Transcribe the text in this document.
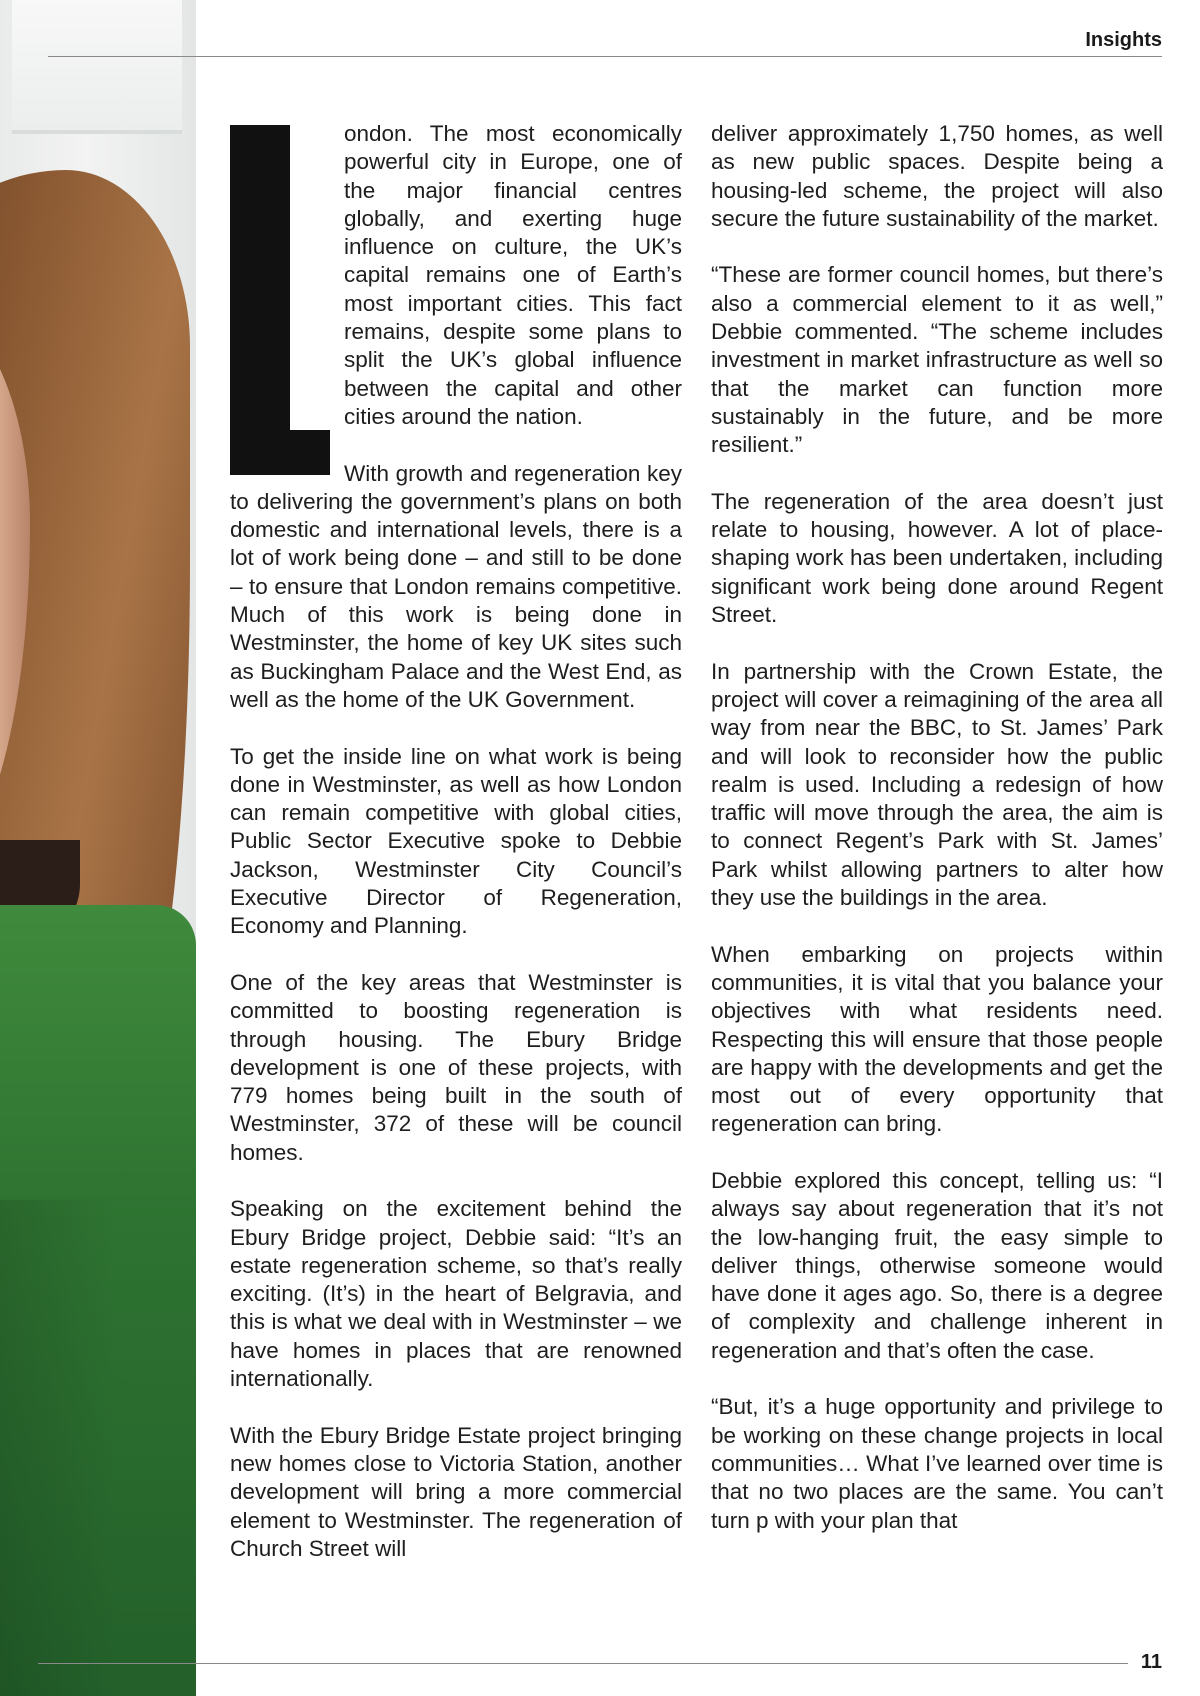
Insights

ondon. The most economically powerful city in Europe, one of the major financial centres globally, and exerting huge influence on culture, the UK’s capital remains one of Earth’s most important cities. This fact remains, despite some plans to split the UK’s global influence between the capital and other cities around the nation.

With growth and regeneration key to delivering the government’s plans on both domestic and international levels, there is a lot of work being done – and still to be done – to ensure that London remains competitive. Much of this work is being done in Westminster, the home of key UK sites such as Buckingham Palace and the West End, as well as the home of the UK Government.

To get the inside line on what work is being done in Westminster, as well as how London can remain competitive with global cities, Public Sector Executive spoke to Debbie Jackson, Westminster City Council’s Executive Director of Regeneration, Economy and Planning.

One of the key areas that Westminster is committed to boosting regeneration is through housing. The Ebury Bridge development is one of these projects, with 779 homes being built in the south of Westminster, 372 of these will be council homes.

Speaking on the excitement behind the Ebury Bridge project, Debbie said: “It’s an estate regeneration scheme, so that’s really exciting. (It’s) in the heart of Belgravia, and this is what we deal with in Westminster – we have homes in places that are renowned internationally.

With the Ebury Bridge Estate project bringing new homes close to Victoria Station, another development will bring a more commercial element to Westminster. The regeneration of Church Street will

deliver approximately 1,750 homes, as well as new public spaces. Despite being a housing-led scheme, the project will also secure the future sustainability of the market.

“These are former council homes, but there’s also a commercial element to it as well,” Debbie commented. “The scheme includes investment in market infrastructure as well so that the market can function more sustainably in the future, and be more resilient.”

The regeneration of the area doesn’t just relate to housing, however. A lot of place-shaping work has been undertaken, including significant work being done around Regent Street.

In partnership with the Crown Estate, the project will cover a reimagining of the area all way from near the BBC, to St. James’ Park and will look to reconsider how the public realm is used. Including a redesign of how traffic will move through the area, the aim is to connect Regent’s Park with St. James’ Park whilst allowing partners to alter how they use the buildings in the area.

When embarking on projects within communities, it is vital that you balance your objectives with what residents need. Respecting this will ensure that those people are happy with the developments and get the most out of every opportunity that regeneration can bring.

Debbie explored this concept, telling us: “I always say about regeneration that it’s not the low-hanging fruit, the easy simple to deliver things, otherwise someone would have done it ages ago. So, there is a degree of complexity and challenge inherent in regeneration and that’s often the case.

“But, it’s a huge opportunity and privilege to be working on these change projects in local communities… What I’ve learned over time is that no two places are the same. You can’t turn p with your plan that

11
